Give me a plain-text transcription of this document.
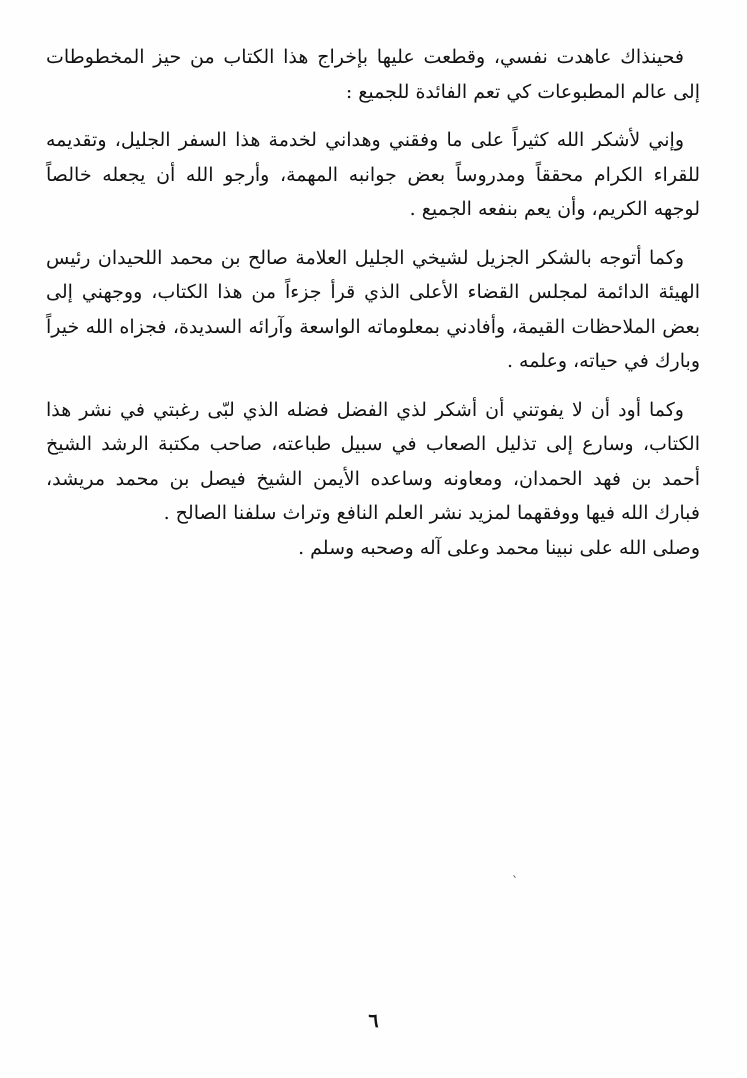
فحينذاك عاهدت نفسي، وقطعت عليها بإخراج هذا الكتاب من حيز المخطوطات إلى عالم المطبوعات كي تعم الفائدة للجميع :

وإني لأشكر الله كثيراً على ما وفقني وهداني لخدمة هذا السفر الجليل، وتقديمه للقراء الكرام محققاً ومدروساً بعض جوانبه المهمة، وأرجو الله أن يجعله خالصاً لوجهه الكريم، وأن يعم بنفعه الجميع .

وكما أتوجه بالشكر الجزيل لشيخي الجليل العلامة صالح بن محمد اللحيدان رئيس الهيئة الدائمة لمجلس القضاء الأعلى الذي قرأ جزءاً من هذا الكتاب، ووجهني إلى بعض الملاحظات القيمة، وأفادني بمعلوماته الواسعة وآرائه السديدة، فجزاه الله خيراً وبارك في حياته، وعلمه .

وكما أود أن لا يفوتني أن أشكر لذي الفضل فضله الذي لبّى رغبتي في نشر هذا الكتاب، وسارع إلى تذليل الصعاب في سبيل طباعته، صاحب مكتبة الرشد الشيخ أحمد بن فهد الحمدان، ومعاونه وساعده الأيمن الشيخ فيصل بن محمد مريشد، فبارك الله فيها ووفقهما لمزيد نشر العلم النافع وتراث سلفنا الصالح .

وصلى الله على نبينا محمد وعلى آله وصحبه وسلم .

٦
